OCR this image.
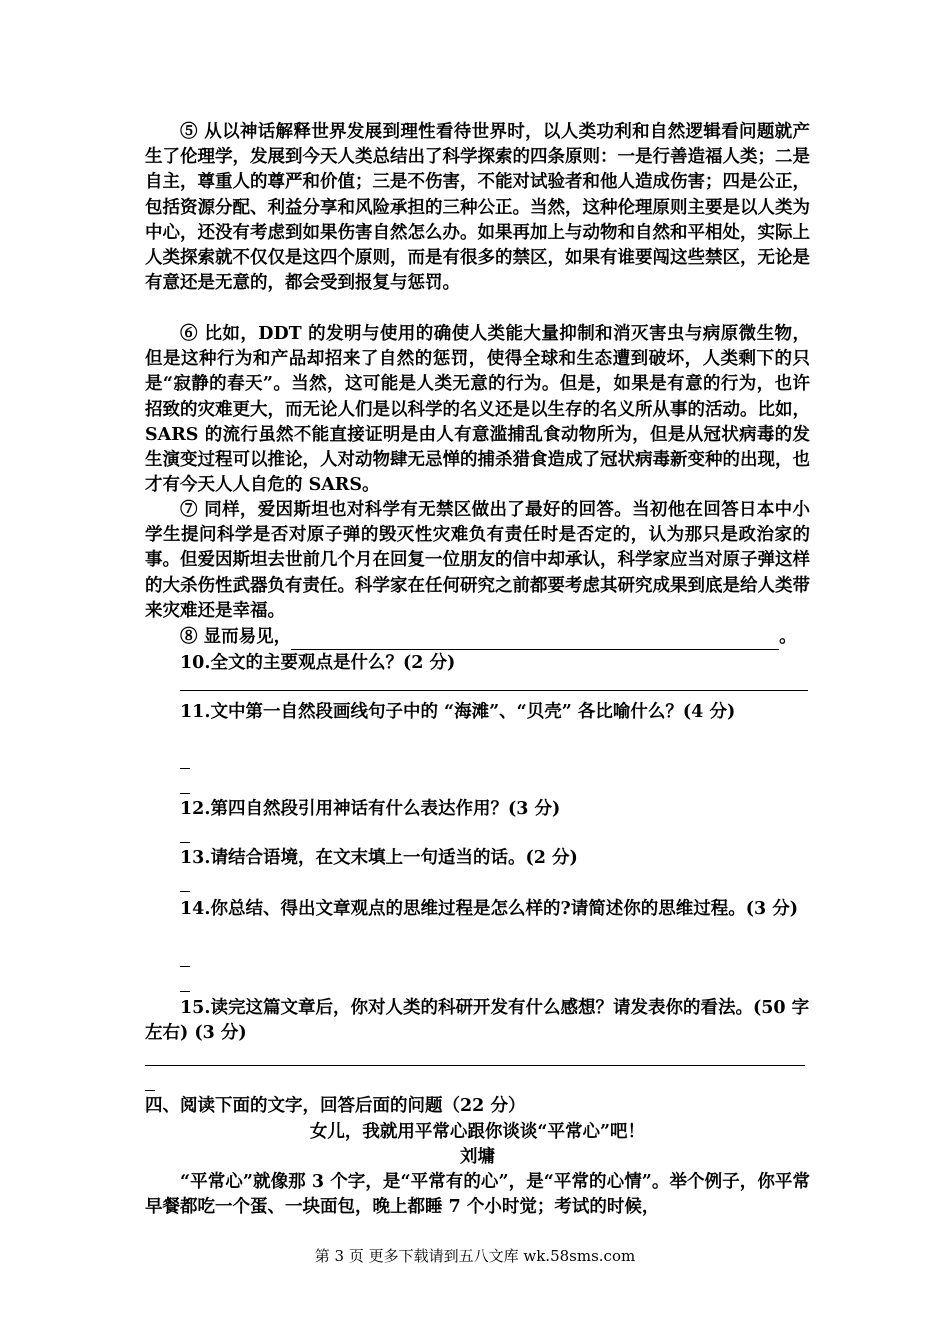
⑤ 从以神话解释世界发展到理性看待世界时，以人类功利和自然逻辑看问题就产生了伦理学，发展到今天人类总结出了科学探索的四条原则：一是行善造福人类；二是自主，尊重人的尊严和价值；三是不伤害，不能对试验者和他人造成伤害；四是公正，包括资源分配、利益分享和风险承担的三种公正。当然，这种伦理原则主要是以人类为中心，还没有考虑到如果伤害自然怎么办。如果再加上与动物和自然和平相处，实际上人类探索就不仅仅是这四个原则，而是有很多的禁区，如果有谁要闯这些禁区，无论是有意还是无意的，都会受到报复与惩罚。

⑥ 比如，DDT 的发明与使用的确使人类能大量抑制和消灭害虫与病原微生物，但是这种行为和产品却招来了自然的惩罚，使得全球和生态遭到破坏，人类剩下的只是“寂静的春天”。当然，这可能是人类无意的行为。但是，如果是有意的行为，也许招致的灾难更大，而无论人们是以科学的名义还是以生存的名义所从事的活动。比如，SARS 的流行虽然不能直接证明是由人有意滥捕乱食动物所为，但是从冠状病毒的发生演变过程可以推论，人对动物肆无忌惮的捕杀猎食造成了冠状病毒新变种的出现，也才有今天人人自危的 SARS。

⑦ 同样，爱因斯坦也对科学有无禁区做出了最好的回答。当初他在回答日本中小学生提问科学是否对原子弹的毁灭性灾难负有责任时是否定的，认为那只是政治家的事。但爱因斯坦去世前几个月在回复一位朋友的信中却承认，科学家应当对原子弹这样的大杀伤性武器负有责任。科学家在任何研究之前都要考虑其研究成果到底是给人类带来灾难还是幸福。

⑧ 显而易见，	。
10.全文的主要观点是什么？(2 分)
11.文中第一自然段画线句子中的 “海滩”、“贝壳” 各比喻什么？(4 分)
12.第四自然段引用神话有什么表达作用？(3 分)
13.请结合语境，在文末填上一句适当的话。(2 分)
14.你总结、得出文章观点的思维过程是怎么样的?请简述你的思维过程。(3 分)
15.读完这篇文章后，你对人类的科研开发有什么感想？请发表你的看法。(50 字左右) (3 分)
四、阅读下面的文字，回答后面的问题（22 分）
女儿，我就用平常心跟你谈谈“平常心”吧！
刘墉

“平常心”就像那 3 个字，是“平常有的心”，是“平常的心情”。举个例子，你平常早餐都吃一个蛋、一块面包，晚上都睡 7 个小时觉；考试的时候，

第 3 页 更多下载请到五八文库 wk.58sms.com
